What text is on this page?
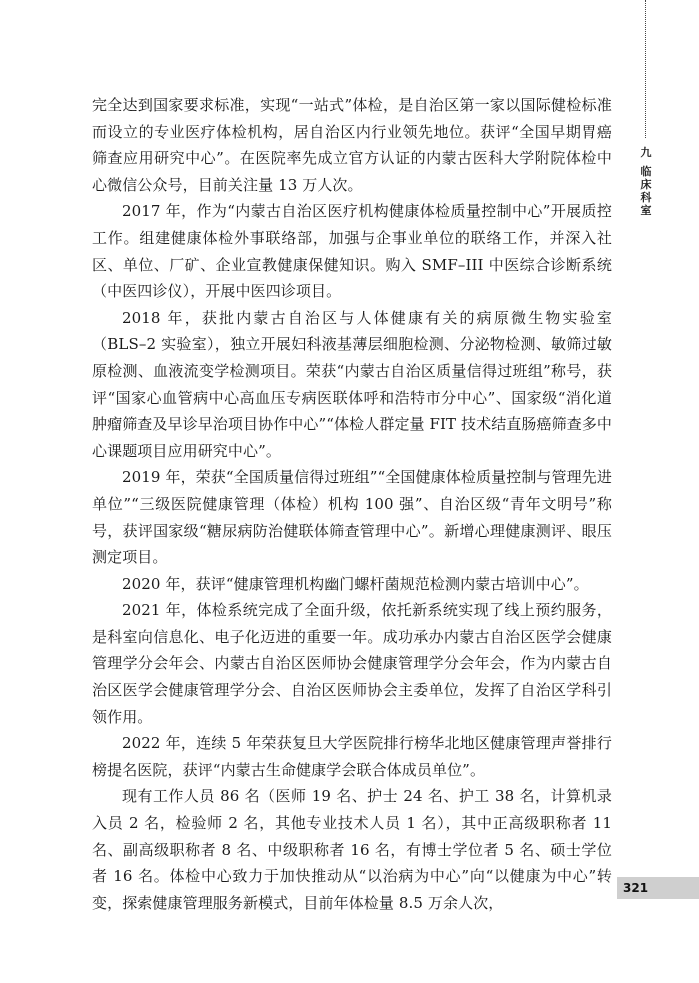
完全达到国家要求标准，实现“一站式”体检，是自治区第一家以国际健检标准而设立的专业医疗体检机构，居自治区内行业领先地位。获评“全国早期胃癌筛查应用研究中心”。在医院率先成立官方认证的内蒙古医科大学附院体检中心微信公众号，目前关注量 13 万人次。

2017 年，作为“内蒙古自治区医疗机构健康体检质量控制中心”开展质控工作。组建健康体检外事联络部，加强与企事业单位的联络工作，并深入社区、单位、厂矿、企业宣教健康保健知识。购入 SMF–III 中医综合诊断系统（中医四诊仪），开展中医四诊项目。

2018 年，获批内蒙古自治区与人体健康有关的病原微生物实验室（BLS–2 实验室），独立开展妇科液基薄层细胞检测、分泌物检测、敏筛过敏原检测、血液流变学检测项目。荣获“内蒙古自治区质量信得过班组”称号，获评“国家心血管病中心高血压专病医联体呼和浩特市分中心”、国家级“消化道肿瘤筛查及早诊早治项目协作中心”“体检人群定量 FIT 技术结直肠癌筛查多中心课题项目应用研究中心”。

2019 年，荣获“全国质量信得过班组”“全国健康体检质量控制与管理先进单位”“三级医院健康管理（体检）机构 100 强”、自治区级“青年文明号”称号，获评国家级“糖尿病防治健联体筛查管理中心”。新增心理健康测评、眼压测定项目。

2020 年，获评“健康管理机构幽门螺杆菌规范检测内蒙古培训中心”。

2021 年，体检系统完成了全面升级，依托新系统实现了线上预约服务，是科室向信息化、电子化迈进的重要一年。成功承办内蒙古自治区医学会健康管理学分会年会、内蒙古自治区医师协会健康管理学分会年会，作为内蒙古自治区医学会健康管理学分会、自治区医师协会主委单位，发挥了自治区学科引领作用。

2022 年，连续 5 年荣获复旦大学医院排行榜华北地区健康管理声誉排行榜提名医院，获评“内蒙古生命健康学会联合体成员单位”。

现有工作人员 86 名（医师 19 名、护士 24 名、护工 38 名，计算机录入员 2 名，检验师 2 名，其他专业技术人员 1 名），其中正高级职称者 11 名、副高级职称者 8 名、中级职称者 16 名，有博士学位者 5 名、硕士学位者 16 名。体检中心致力于加快推动从“以治病为中心”向“以健康为中心”转变，探索健康管理服务新模式，目前年体检量 8.5 万余人次，

九
临床科室
321
